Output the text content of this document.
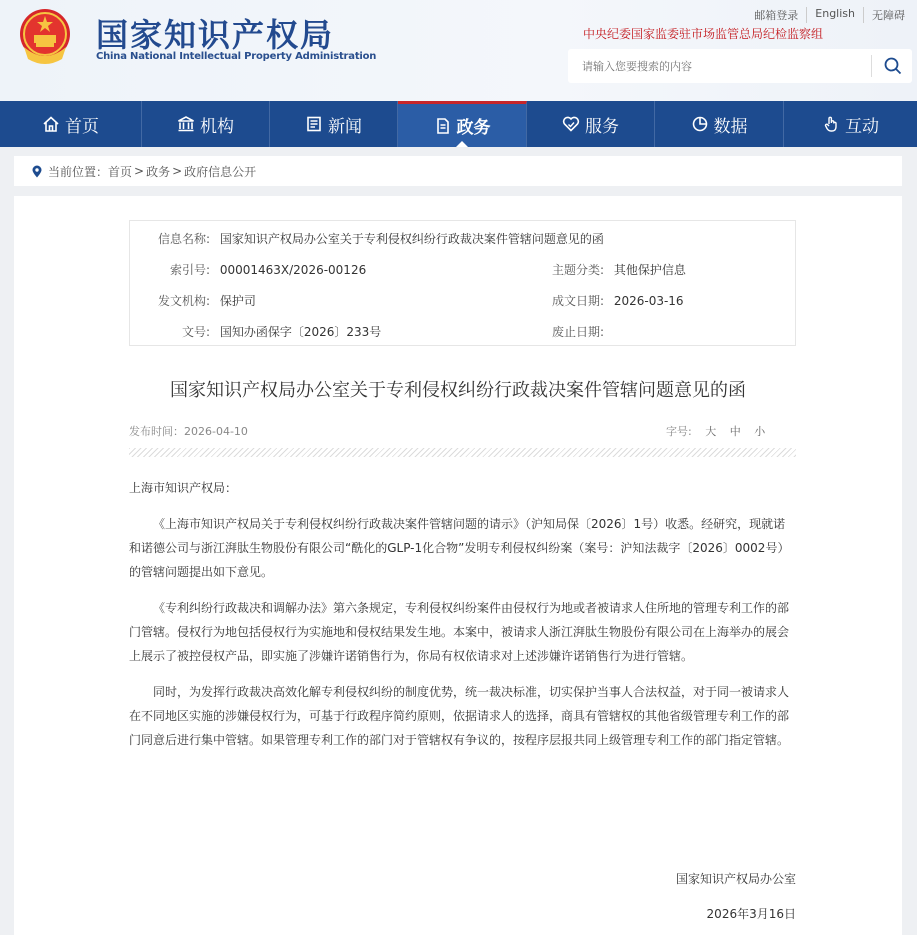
国家知识产权局
China National Intellectual Property Administration
邮箱登录	English	无障碍
中央纪委国家监委驻市场监管总局纪检监察组
请输入您要搜索的内容
首页	机构	新闻	政务	服务	数据	互动
当前位置： 首页 > 政务 > 政府信息公开
信息名称: 国家知识产权局办公室关于专利侵权纠纷行政裁决案件管辖问题意见的函
索引号: 00001463X/2026-00126	主题分类: 其他保护信息
发文机构: 保护司	成文日期: 2026-03-16
文号: 国知办函保字〔2026〕233号	废止日期:
国家知识产权局办公室关于专利侵权纠纷行政裁决案件管辖问题意见的函
发布时间：2026-04-10	字号: 大 中 小

上海市知识产权局：

《上海市知识产权局关于专利侵权纠纷行政裁决案件管辖问题的请示》（沪知局保〔2026〕1号）收悉。经研究，现就诺和诺德公司与浙江湃肽生物股份有限公司“酰化的GLP-1化合物”发明专利侵权纠纷案（案号：沪知法裁字〔2026〕0002号）的管辖问题提出如下意见。

《专利纠纷行政裁决和调解办法》第六条规定，专利侵权纠纷案件由侵权行为地或者被请求人住所地的管理专利工作的部门管辖。侵权行为地包括侵权行为实施地和侵权结果发生地。本案中，被请求人浙江湃肽生物股份有限公司在上海举办的展会上展示了被控侵权产品，即实施了涉嫌许诺销售行为，你局有权依请求对上述涉嫌许诺销售行为进行管辖。

同时，为发挥行政裁决高效化解专利侵权纠纷的制度优势，统一裁决标准，切实保护当事人合法权益，对于同一被请求人在不同地区实施的涉嫌侵权行为，可基于行政程序简约原则，依据请求人的选择，商具有管辖权的其他省级管理专利工作的部门同意后进行集中管辖。如果管理专利工作的部门对于管辖权有争议的，按程序层报共同上级管理专利工作的部门指定管辖。

国家知识产权局办公室
2026年3月16日
